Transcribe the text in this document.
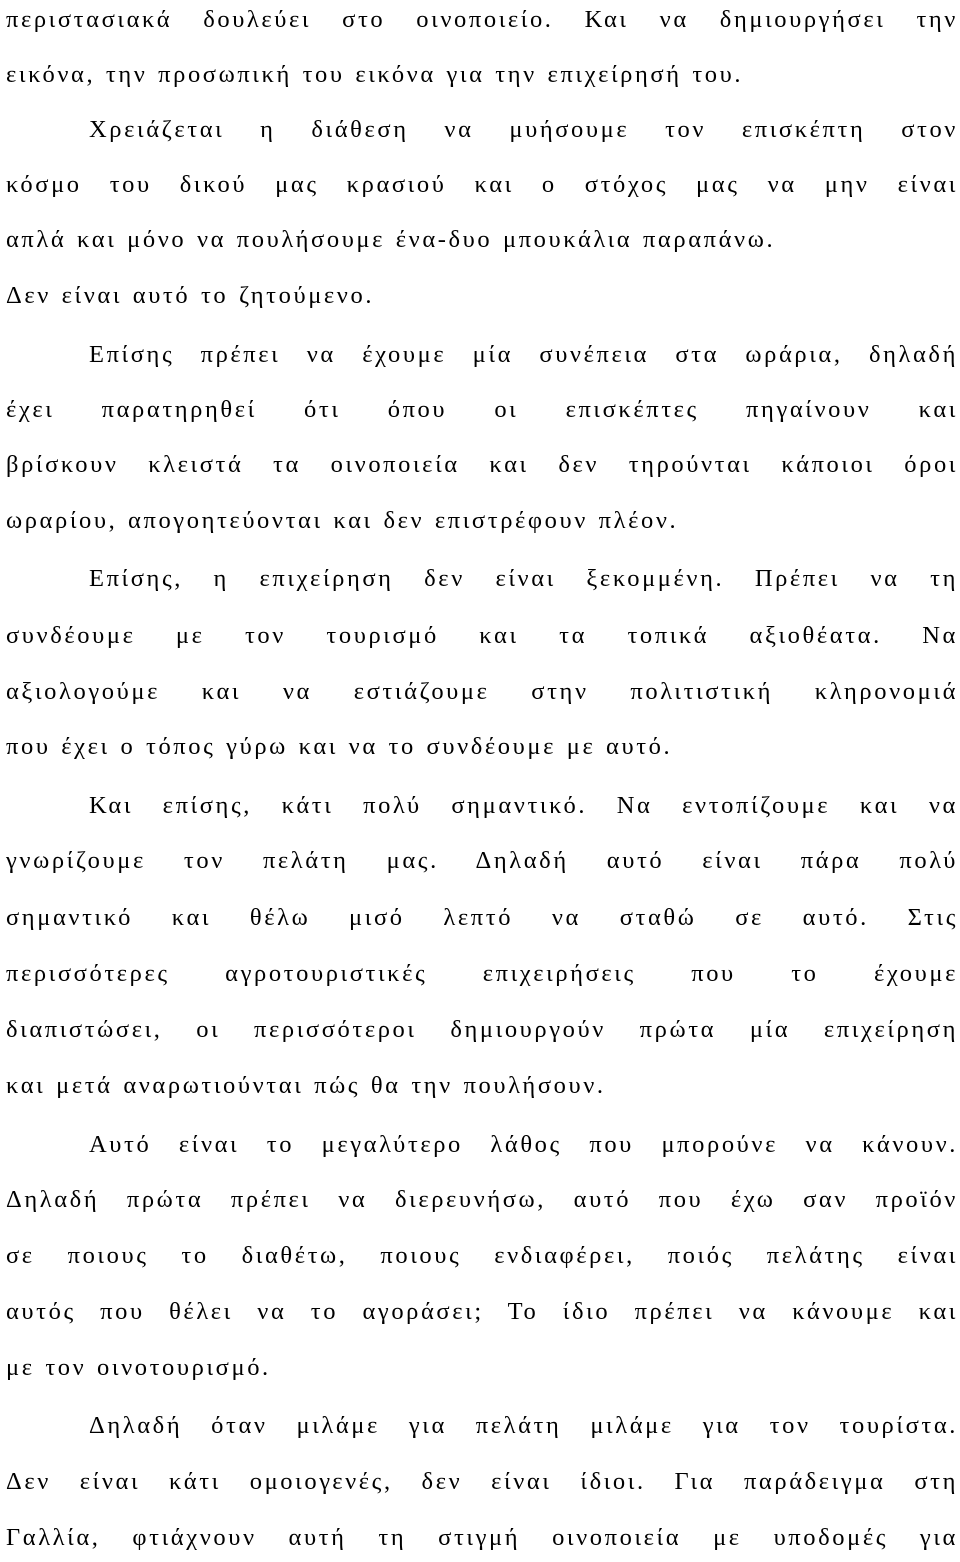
περιστασιακά δουλεύει στο οινοποιείο. Και να δημιουργήσει την
εικόνα, την προσωπική του εικόνα για την επιχείρησή του.
Χρειάζεται η διάθεση να μυήσουμε τον επισκέπτη στον
κόσμο του δικού μας κρασιού και ο στόχος μας να μην είναι
απλά και μόνο να πουλήσουμε ένα-δυο μπουκάλια παραπάνω.
Δεν είναι αυτό το ζητούμενο.
Επίσης πρέπει να έχουμε μία συνέπεια στα ωράρια, δηλαδή
έχει παρατηρηθεί ότι όπου οι επισκέπτες πηγαίνουν και
βρίσκουν κλειστά τα οινοποιεία και δεν τηρούνται κάποιοι όροι
ωραρίου, απογοητεύονται και δεν επιστρέφουν πλέον.
Επίσης, η επιχείρηση δεν είναι ξεκομμένη. Πρέπει να τη
συνδέουμε με τον τουρισμό και τα τοπικά αξιοθέατα. Να
αξιολογούμε και να εστιάζουμε στην πολιτιστική κληρονομιά
που έχει ο τόπος γύρω και να το συνδέουμε με αυτό.
Και επίσης, κάτι πολύ σημαντικό. Να εντοπίζουμε και να
γνωρίζουμε τον πελάτη μας. Δηλαδή αυτό είναι πάρα πολύ
σημαντικό και θέλω μισό λεπτό να σταθώ σε αυτό. Στις
περισσότερες αγροτουριστικές επιχειρήσεις που το έχουμε
διαπιστώσει, οι περισσότεροι δημιουργούν πρώτα μία επιχείρηση
και μετά αναρωτιούνται πώς θα την πουλήσουν.
Αυτό είναι το μεγαλύτερο λάθος που μπορούνε να κάνουν.
Δηλαδή πρώτα πρέπει να διερευνήσω, αυτό που έχω σαν προϊόν
σε ποιους το διαθέτω, ποιους ενδιαφέρει, ποιός πελάτης είναι
αυτός που θέλει να το αγοράσει; Το ίδιο πρέπει να κάνουμε και
με τον οινοτουρισμό.
Δηλαδή όταν μιλάμε για πελάτη μιλάμε για τον τουρίστα.
Δεν είναι κάτι ομοιογενές, δεν είναι ίδιοι. Για παράδειγμα στη
Γαλλία, φτιάχνουν αυτή τη στιγμή οινοποιεία με υποδομές για
